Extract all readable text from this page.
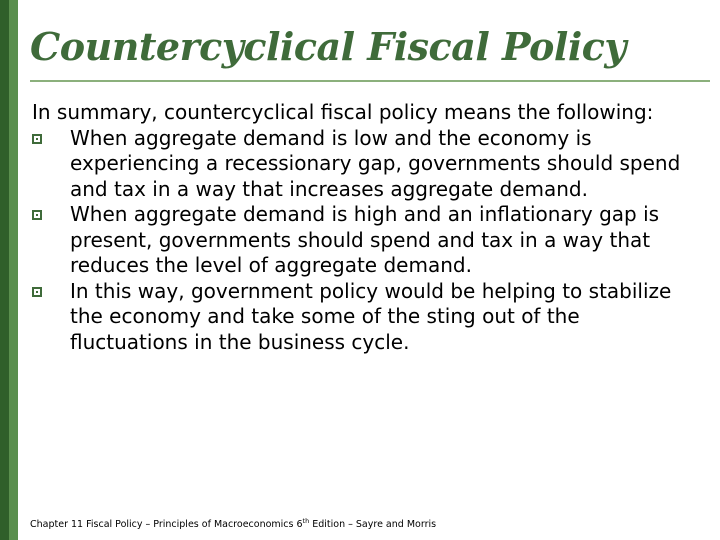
Countercyclical Fiscal Policy

In summary, countercyclical fiscal policy means the following:

When aggregate demand is low and the economy is experiencing a recessionary gap, governments should spend and tax in a way that increases aggregate demand.
When aggregate demand is high and an inflationary gap is present, governments should spend and tax in a way that reduces the level of aggregate demand.
In this way, government policy would be helping to stabilize the economy and take some of the sting out of the fluctuations in the business cycle.
Chapter 11 Fiscal Policy – Principles of Macroeconomics 6th Edition – Sayre and Morris
